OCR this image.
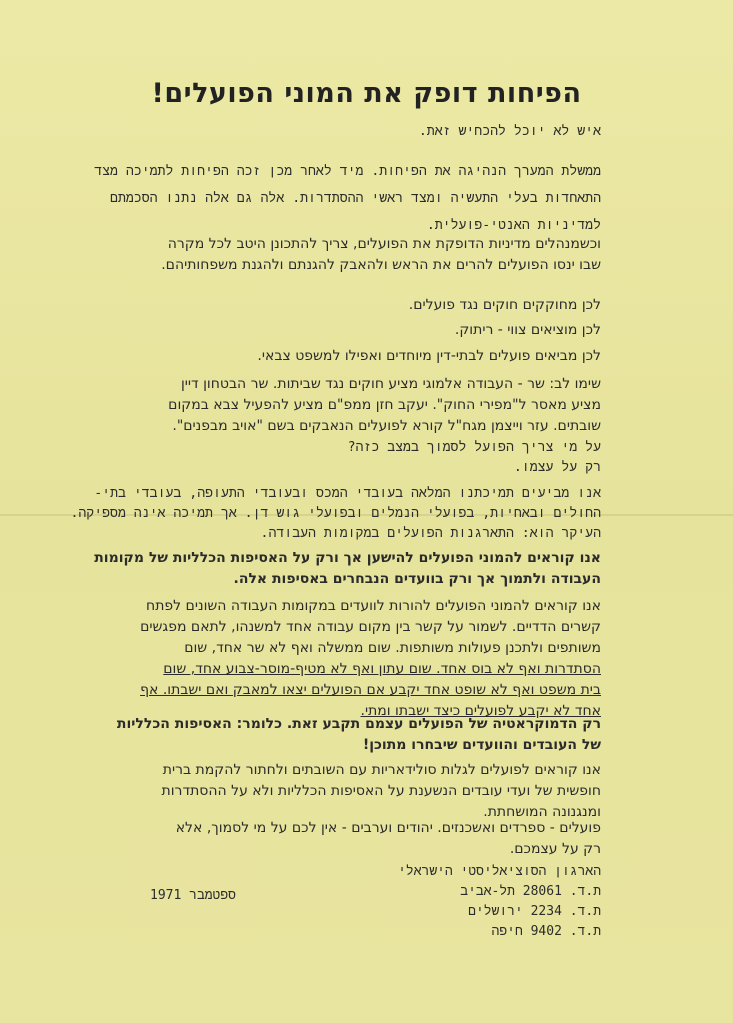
הפיחות דופק את המוני הפועלים!
איש לא יוכל להכחיש זאת.
ממשלת המערך הנהיגה את הפיחות. מיד לאחר מכן זכה הפיחות לתמיכה מצד
התאחדות בעלי התעשיה ומצד ראשי ההסתדרות. אלה גם אלה נתנו הסכמתם
למדיניות האנטי-פועלית.
וכשמנהלים מדיניות הדופקת את הפועלים, צריך להתכונן היטב לכל מקרה
שבו ינסו הפועלים להרים את הראש ולהאבק להגנתם ולהגנת משפחותיהם.
לכן מחוקקים חוקים נגד פועלים.
לכן מוציאים צווי - ריתוק.
לכן מביאים פועלים לבתי-דין מיוחדים ואפילו למשפט צבאי.
שימו לב: שר - העבודה אלמוגי מציע חוקים נגד שביתות. שר הבטחון דיין
מציע מאסר ל"מפירי החוק". יעקב חזן ממפ"ם מציע להפעיל צבא במקום
שובתים. עזר וייצמן מגח"ל קורא לפועלים הנאבקים בשם "אויב מבפנים".
על מי צריך הפועל לסמוך במצב כזה?
רק על עצמו.
אנו מביעים תמיכתנו המלאה בעובדי המכס ובעובדי התעופה, בעובדי בתי-
החולים ובאחיות, בפועלי הנמלים ובפועלי גוש דן. אך תמיכה אינה מספיקה.
העיקר הוא: התארגנות הפועלים במקומות העבודה.
אנו קוראים להמוני הפועלים להישען אך ורק על האסיפות הכלליות של מקומות
העבודה ולתמוך אך ורק בוועדים הנבחרים באסיפות אלה.
אנו קוראים להמוני הפועלים להורות לוועדים במקומות העבודה השונים לפתח
קשרים הדדיים. לשמור על קשר בין מקום עבודה אחד למשנהו, לתאם מפגשים
משותפים ולתכנן פעולות משותפות. שום ממשלה ואף לא שר אחד, שום
הסתדרות ואף לא בוס אחד. שום עתון ואף לא מטיף-מוסר-צבוע אחד, שום
בית משפט ואף לא שופט אחד יקבע אם הפועלים יצאו למאבק ואם ישבתו. אף
אחד לא יקבע לפועלים כיצד ישבתו ומתי.
רק הדמוקראטיה של הפועלים עצמם תקבע זאת. כלומר: האסיפות הכלליות
של העובדים והוועדים שיבחרו מתוכן!
אנו קוראים לפועלים לגלות סולידאריות עם השובתים ולחתור להקמת ברית
חופשית של ועדי עובדים הנשענת על האסיפות הכלליות ולא על ההסתדרות
ומנגנונה המושחתת.
פועלים - ספרדים ואשכנזים. יהודים וערבים - אין לכם על מי לסמוך, אלא
רק על עצמכם.
הארגון הסוציאליסטי הישראלי
ת.ד. 28061 תל-אביב
ת.ד. 2234 ירושלים
ת.ד. 9402 חיפה
ספטמבר 1971
